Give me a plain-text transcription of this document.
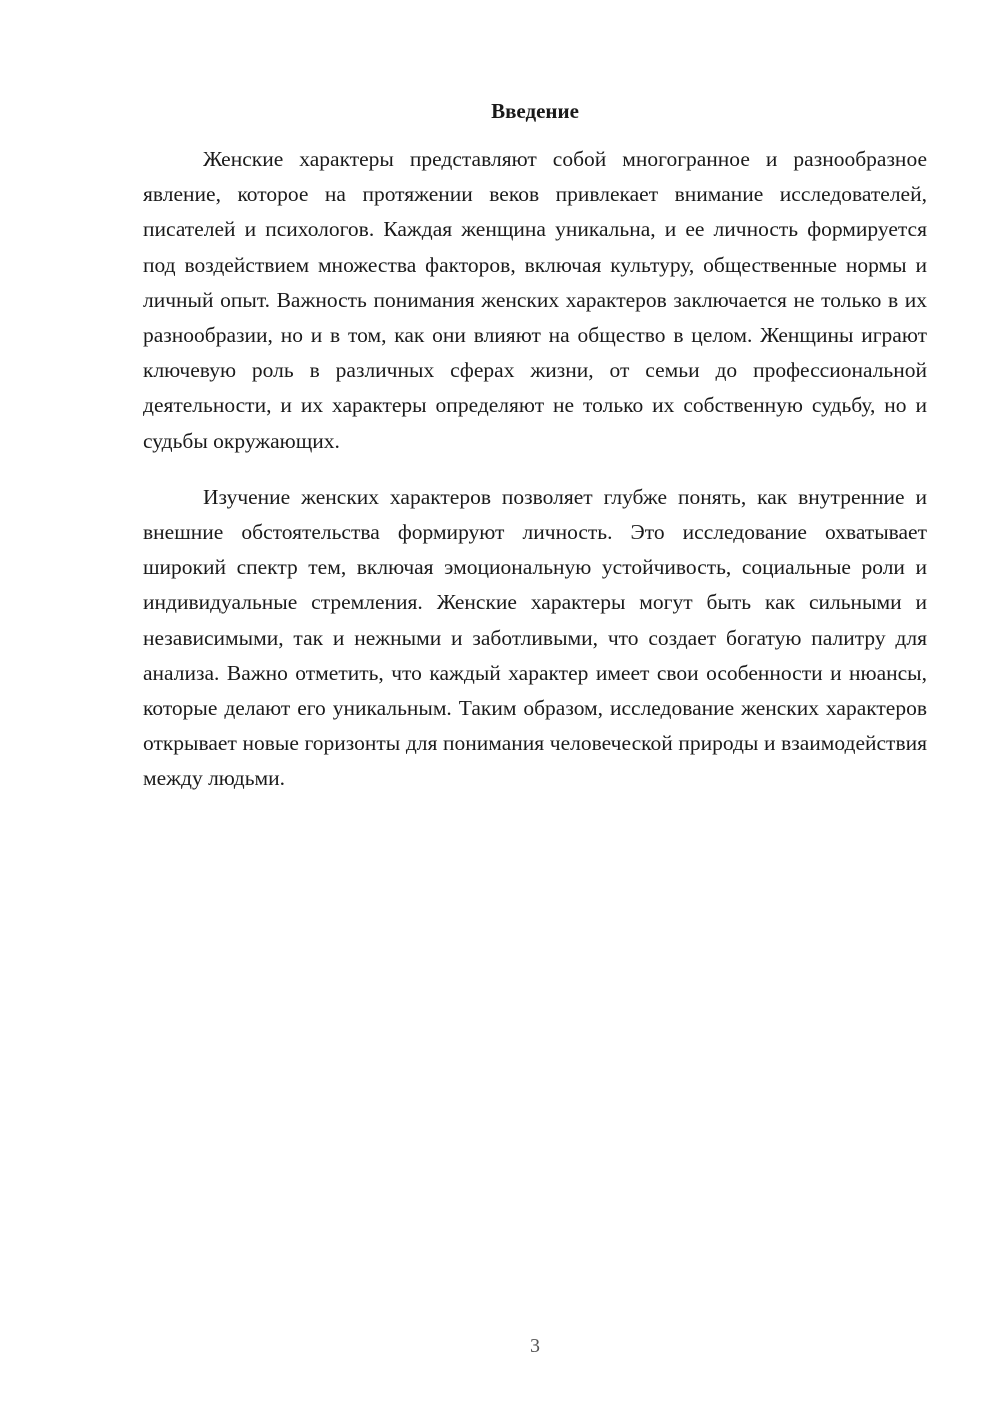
Введение

Женские характеры представляют собой многогранное и разнообразное явление, которое на протяжении веков привлекает внимание исследователей, писателей и психологов. Каждая женщина уникальна, и ее личность формируется под воздействием множества факторов, включая культуру, общественные нормы и личный опыт. Важность понимания женских характеров заключается не только в их разнообразии, но и в том, как они влияют на общество в целом. Женщины играют ключевую роль в различных сферах жизни, от семьи до профессиональной деятельности, и их характеры определяют не только их собственную судьбу, но и судьбы окружающих.

Изучение женских характеров позволяет глубже понять, как внутренние и внешние обстоятельства формируют личность. Это исследование охватывает широкий спектр тем, включая эмоциональную устойчивость, социальные роли и индивидуальные стремления. Женские характеры могут быть как сильными и независимыми, так и нежными и заботливыми, что создает богатую палитру для анализа. Важно отметить, что каждый характер имеет свои особенности и нюансы, которые делают его уникальным. Таким образом, исследование женских характеров открывает новые горизонты для понимания человеческой природы и взаимодействия между людьми.

3
